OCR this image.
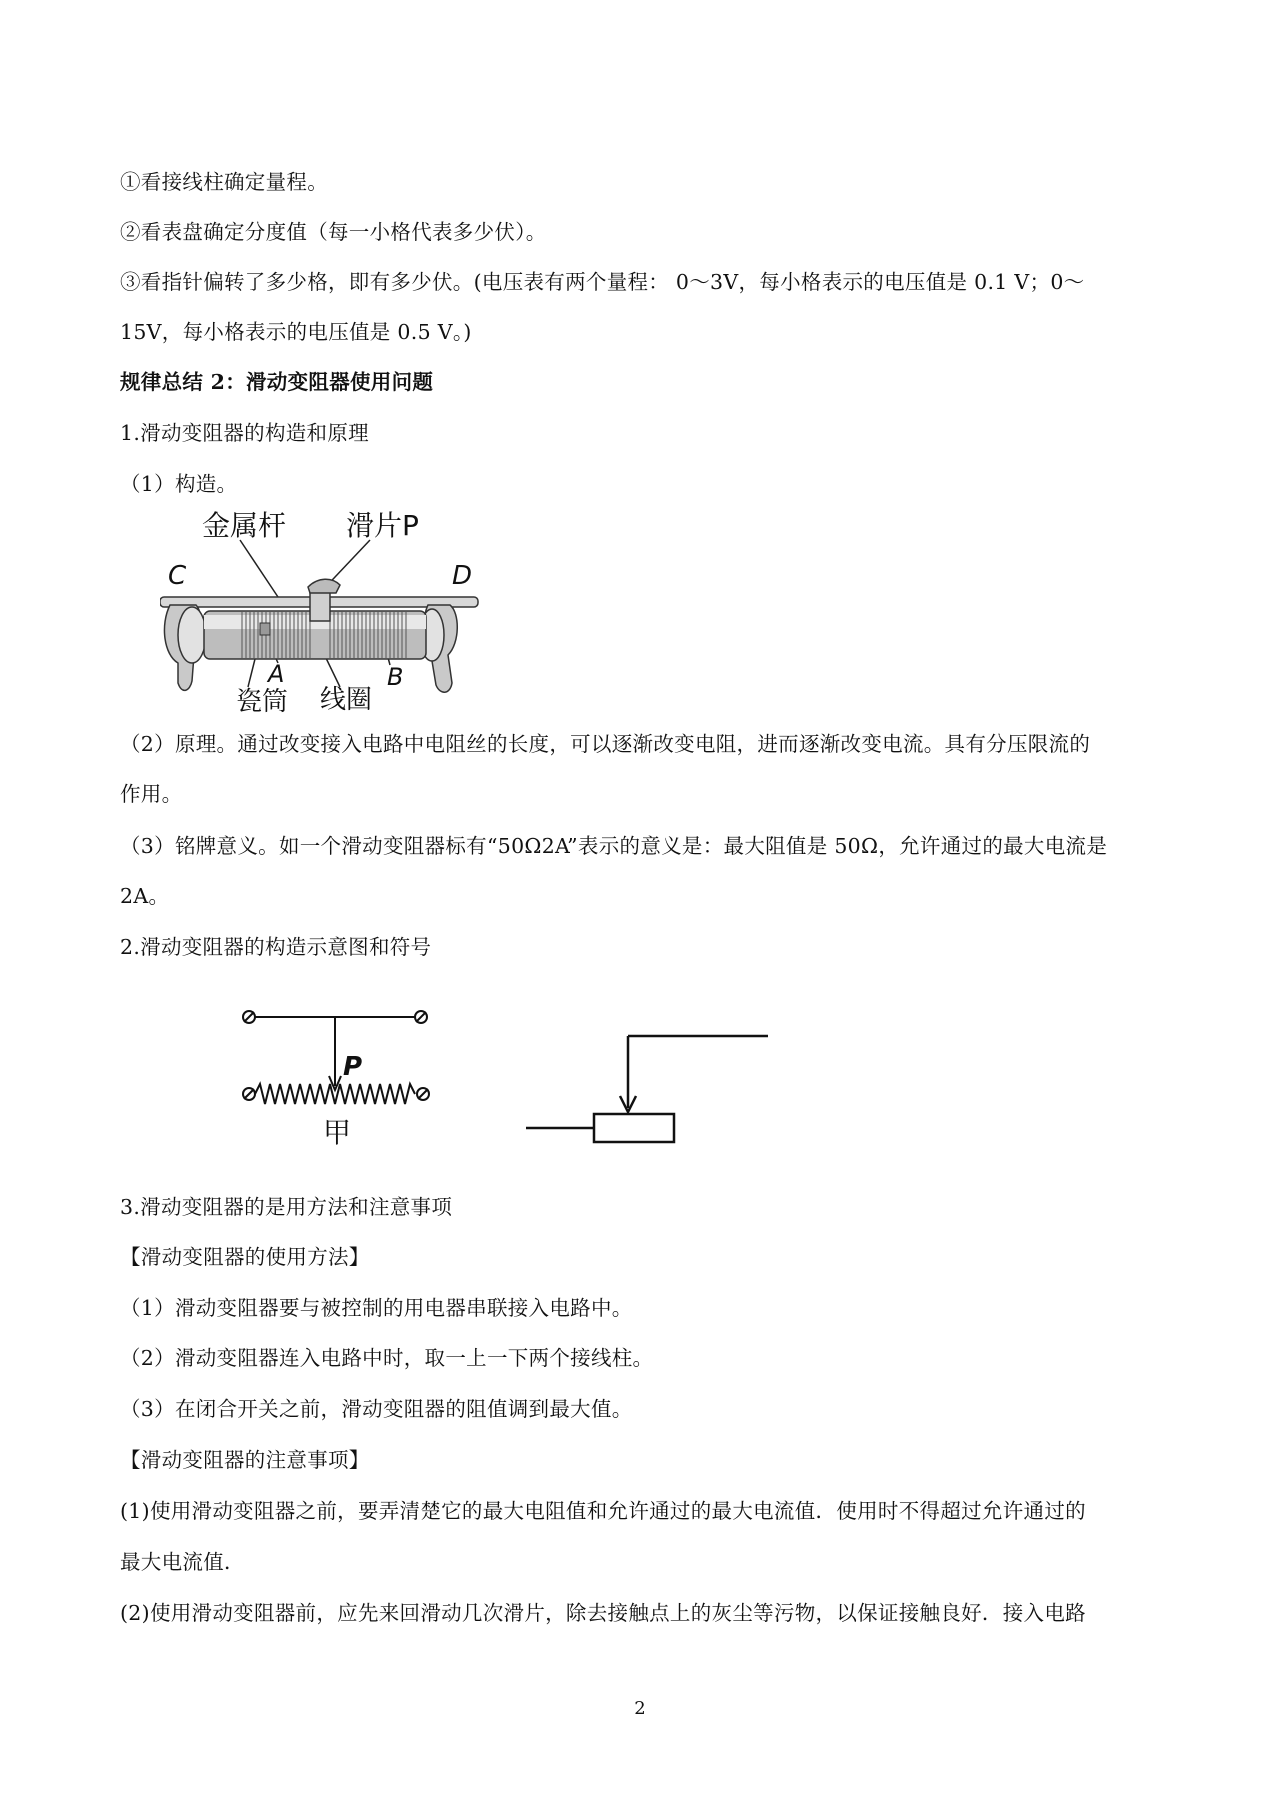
①看接线柱确定量程。
②看表盘确定分度值（每一小格代表多少伏）。
③看指针偏转了多少格，即有多少伏。(电压表有两个量程： 0～3V，每小格表示的电压值是 0.1 V；0～
15V，每小格表示的电压值是 0.5 V。)
规律总结 2：滑动变阻器使用问题
1.滑动变阻器的构造和原理
（1）构造。
金属杆 滑片P
C	D
A	B
瓷筒 线圈
（2）原理。通过改变接入电路中电阻丝的长度，可以逐渐改变电阻，进而逐渐改变电流。具有分压限流的
作用。
（3）铭牌意义。如一个滑动变阻器标有“50Ω2A”表示的意义是：最大阻值是 50Ω，允许通过的最大电流是
2A。
2.滑动变阻器的构造示意图和符号
P
甲
3.滑动变阻器的是用方法和注意事项
【滑动变阻器的使用方法】
（1）滑动变阻器要与被控制的用电器串联接入电路中。
（2）滑动变阻器连入电路中时，取一上一下两个接线柱。
（3）在闭合开关之前，滑动变阻器的阻值调到最大值。
【滑动变阻器的注意事项】
(1)使用滑动变阻器之前，要弄清楚它的最大电阻值和允许通过的最大电流值．使用时不得超过允许通过的
最大电流值．
(2)使用滑动变阻器前，应先来回滑动几次滑片，除去接触点上的灰尘等污物，以保证接触良好．接入电路
2
